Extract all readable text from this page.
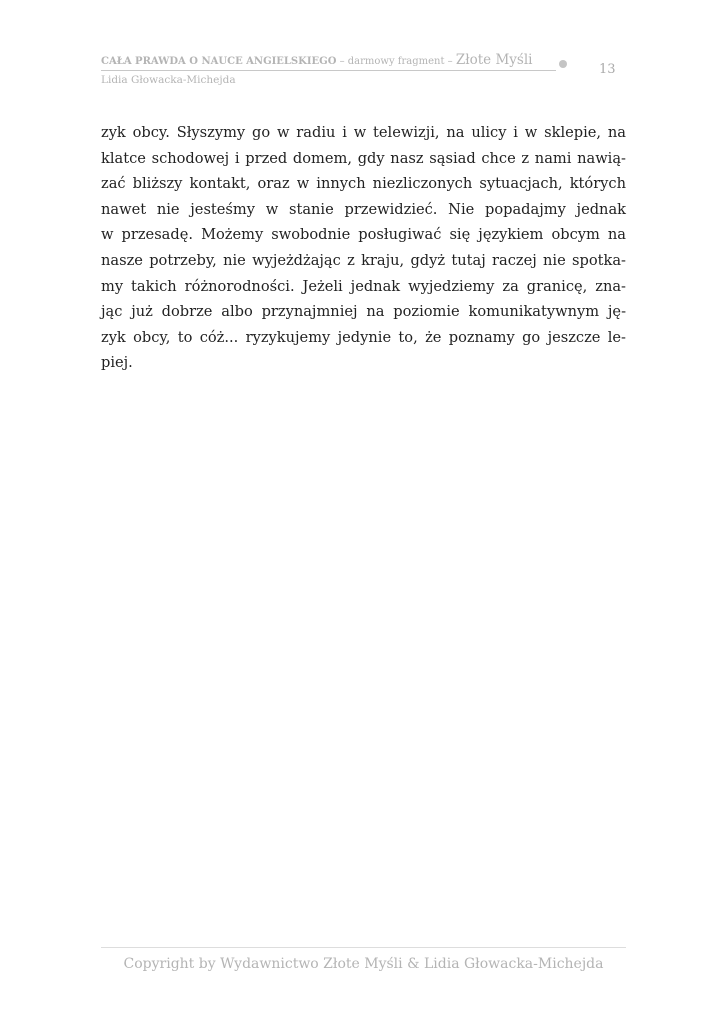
CAŁA PRAWDA O NAUCE ANGIELSKIEGO – darmowy fragment – Złote Myśli
13
Lidia Głowacka-Michejda
zyk obcy. Słyszymy go w radiu i w telewizji, na ulicy i w sklepie, na
klatce schodowej i przed domem, gdy nasz sąsiad chce z nami nawią-
zać bliższy kontakt, oraz w innych niezliczonych sytuacjach, których
nawet nie jesteśmy w stanie przewidzieć. Nie popadajmy jednak
w przesadę. Możemy swobodnie posługiwać się językiem obcym na
nasze potrzeby, nie wyjeżdżając z kraju, gdyż tutaj raczej nie spotka-
my takich różnorodności. Jeżeli jednak wyjedziemy za granicę, zna-
jąc już dobrze albo przynajmniej na poziomie komunikatywnym ję-
zyk obcy, to cóż... ryzykujemy jedynie to, że poznamy go jeszcze le-
piej.
Copyright by Wydawnictwo Złote Myśli & Lidia Głowacka-Michejda
